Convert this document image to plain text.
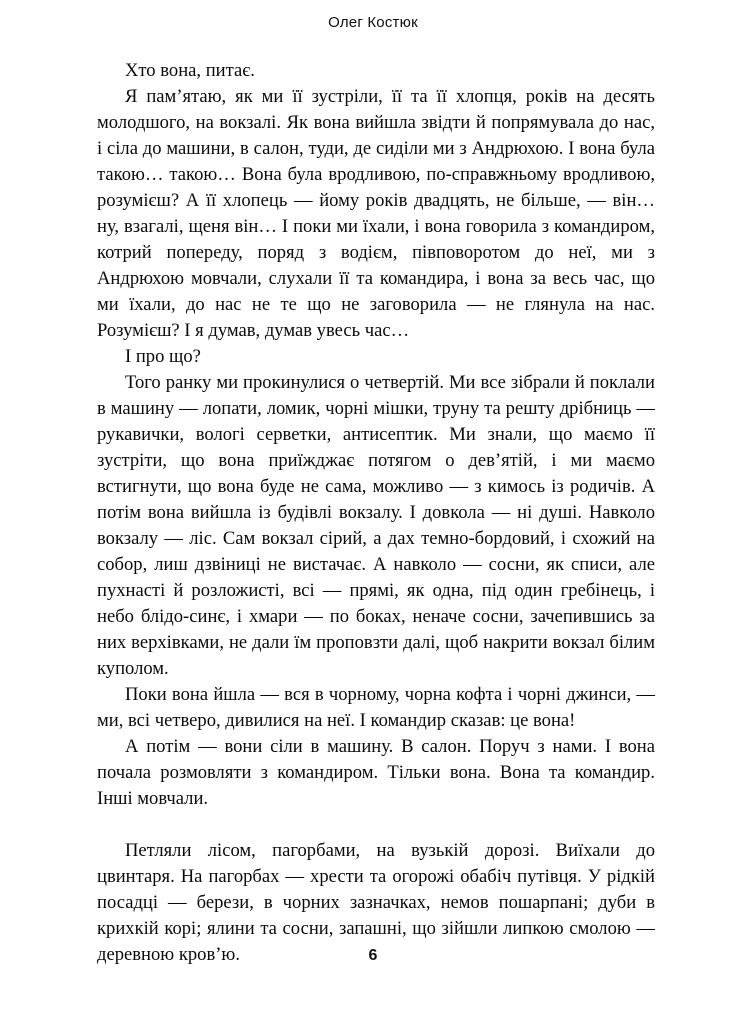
Олег Костюк

Хто вона, питає.

Я пам’ятаю, як ми її зустріли, її та її хлопця, років на десять молодшого, на вокзалі. Як вона вийшла звідти й попрямувала до нас, і сіла до машини, в салон, туди, де сиділи ми з Андрюхою. І вона була такою… такою… Вона була вродливою, по-справжньому вродливою, розумієш? А її хлопець — йому років двадцять, не більше, — він… ну, взагалі, щеня він… І поки ми їхали, і вона говорила з командиром, котрий попереду, поряд з водієм, півповоротом до неї, ми з Андрюхою мовчали, слухали її та командира, і вона за весь час, що ми їхали, до нас не те що не заговорила — не глянула на нас. Розумієш? І я думав, думав увесь час…

І про що?

Того ранку ми прокинулися о четвертій. Ми все зібрали й поклали в машину — лопати, ломик, чорні мішки, труну та решту дрібниць — рукавички, вологі серветки, антисептик. Ми знали, що маємо її зустріти, що вона приїжджає потягом о дев’ятій, і ми маємо встигнути, що вона буде не сама, можливо — з кимось із родичів. А потім вона вийшла із будівлі вокзалу. І довкола — ні душі. Навколо вокзалу — ліс. Сам вокзал сірий, а дах темно-бордовий, і схожий на собор, лиш дзвіниці не вистачає. А навколо — сосни, як списи, але пухнасті й розложисті, всі — прямі, як одна, під один гребінець, і небо блідо-синє, і хмари — по боках, неначе сосни, зачепившись за них верхівками, не дали їм проповзти далі, щоб накрити вокзал білим куполом.

Поки вона йшла — вся в чорному, чорна кофта і чорні джинси, — ми, всі четверо, дивилися на неї. І командир сказав: це вона!

А потім — вони сіли в машину. В салон. Поруч з нами. І вона почала розмовляти з командиром. Тільки вона. Вона та командир. Інші мовчали.

Петляли лісом, пагорбами, на вузькій дорозі. Виїхали до цвинтаря. На пагорбах — хрести та огорожі обабіч путівця. У рідкій посадці — берези, в чорних зазначках, немов пошарпані; дуби в крихкій корі; ялини та сосни, запашні, що зійшли липкою смолою — деревною кров’ю.	6
